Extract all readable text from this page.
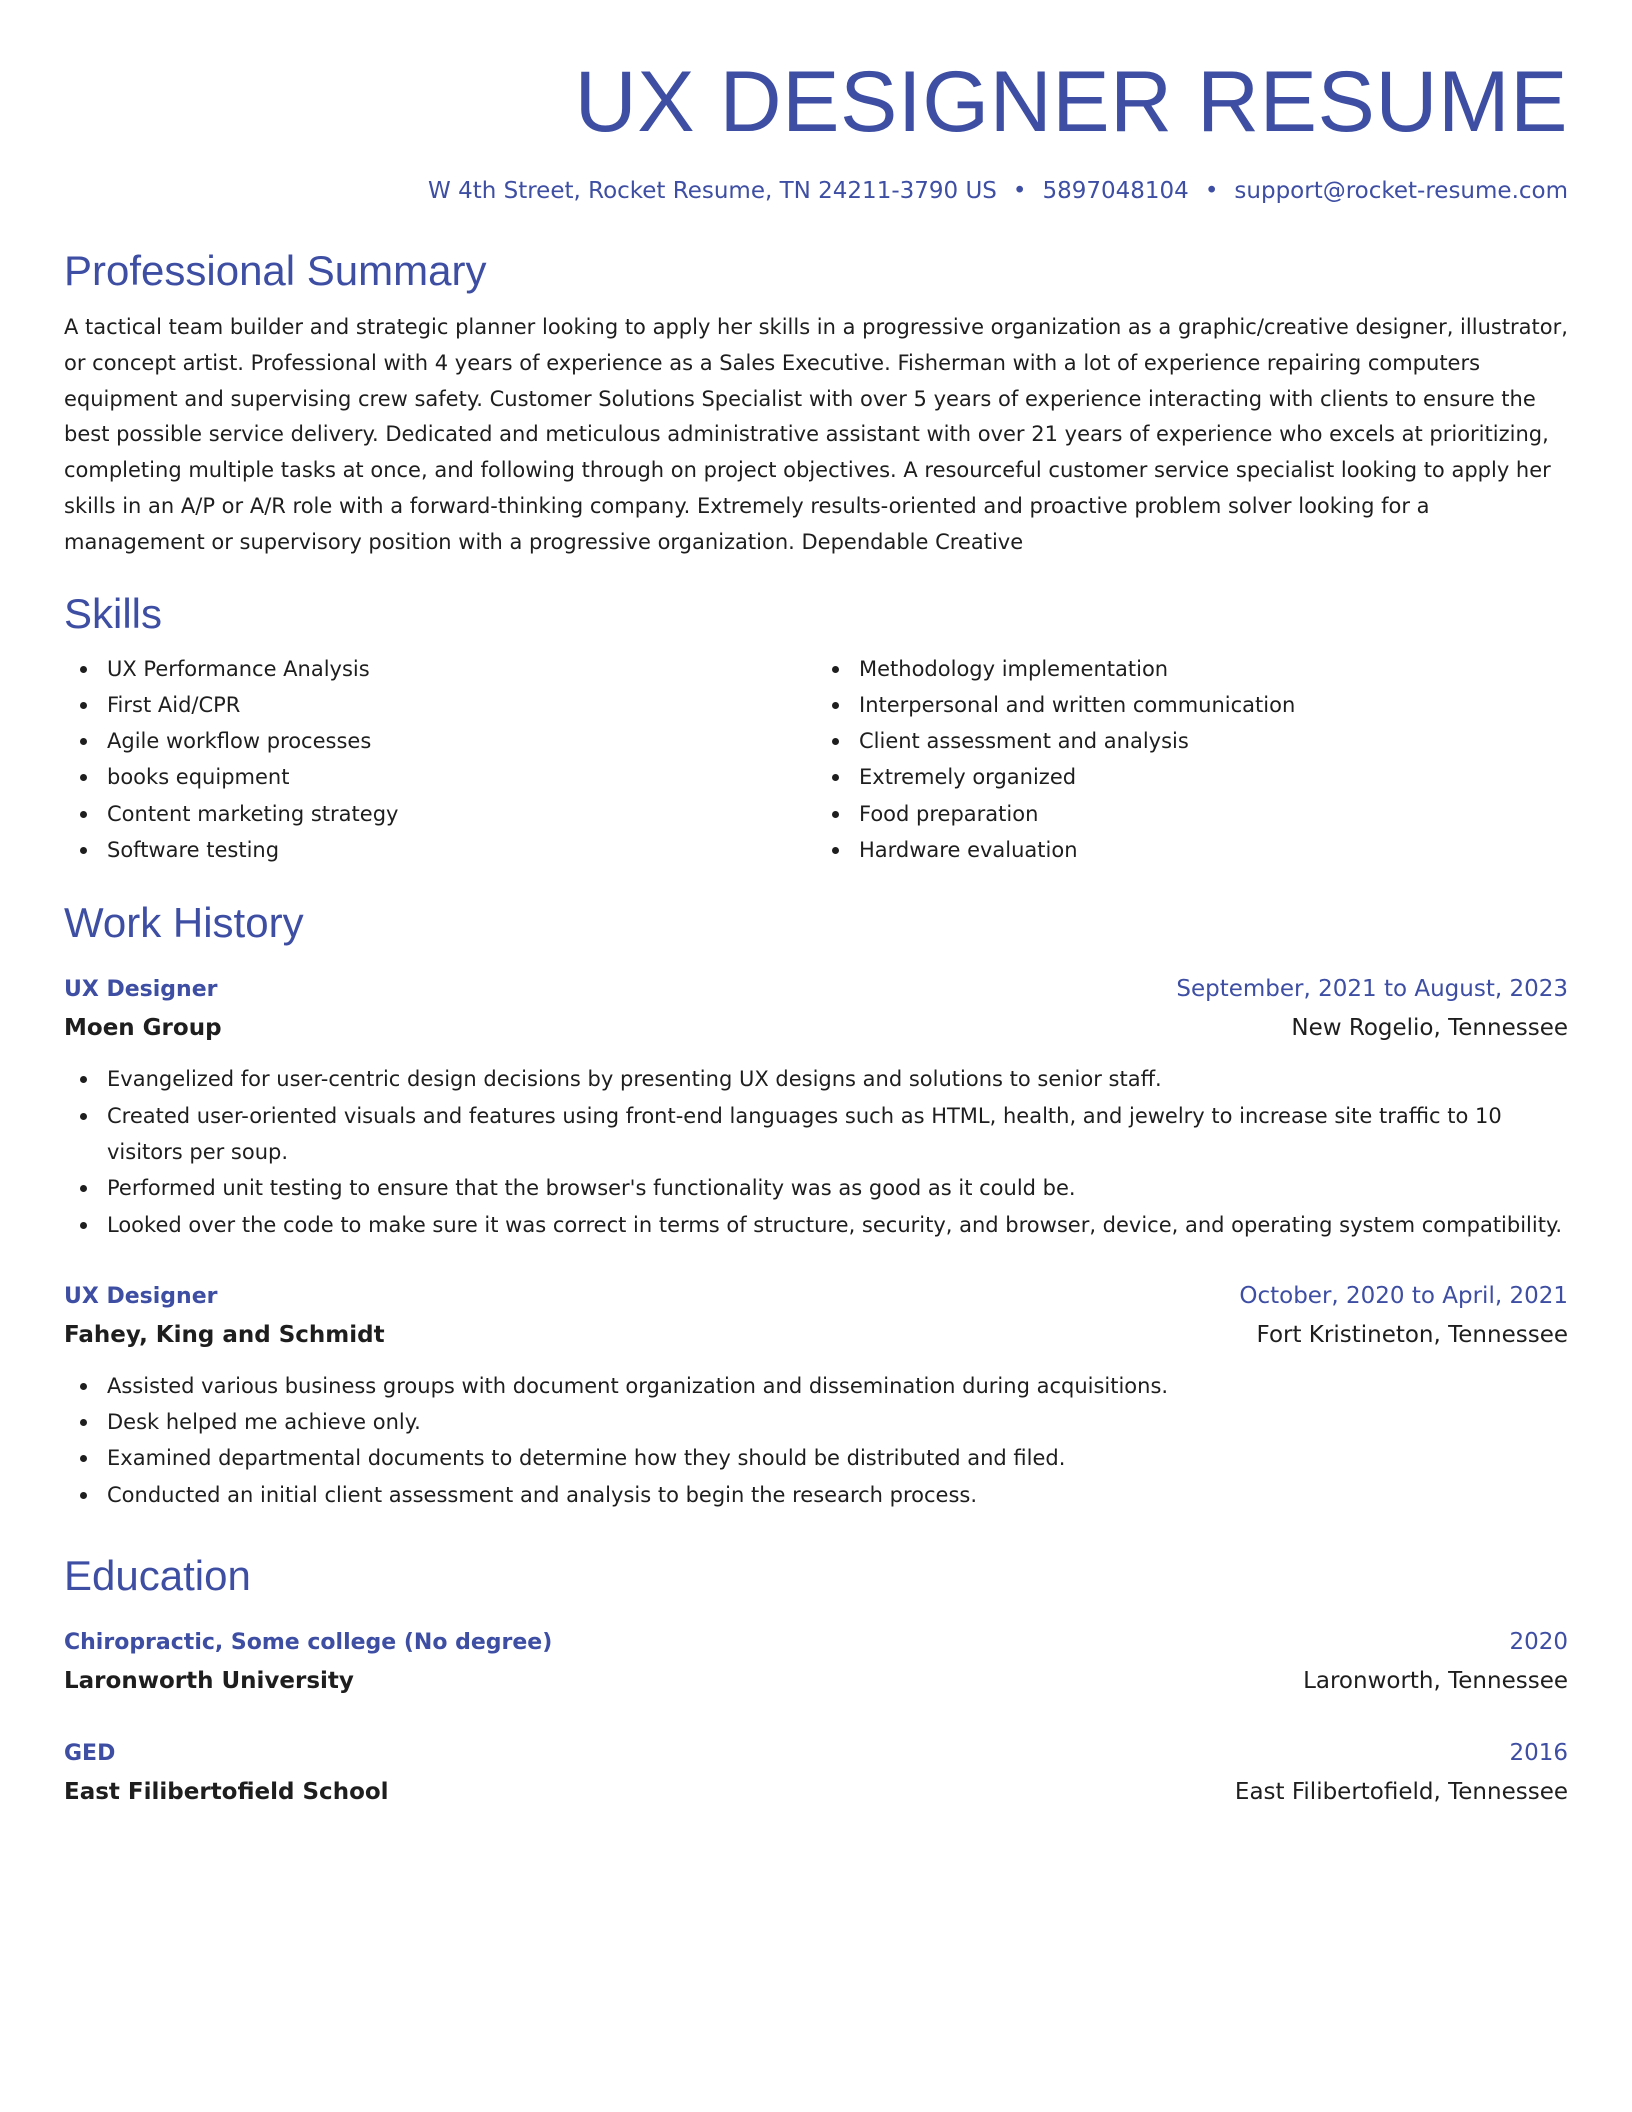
UX DESIGNER RESUME
W 4th Street, Rocket Resume, TN 24211-3790 US • 5897048104 • support@rocket-resume.com
Professional Summary

A tactical team builder and strategic planner looking to apply her skills in a progressive organization as a graphic/creative designer, illustrator, or concept artist. Professional with 4 years of experience as a Sales Executive. Fisherman with a lot of experience repairing computers equipment and supervising crew safety. Customer Solutions Specialist with over 5 years of experience interacting with clients to ensure the best possible service delivery. Dedicated and meticulous administrative assistant with over 21 years of experience who excels at prioritizing, completing multiple tasks at once, and following through on project objectives. A resourceful customer service specialist looking to apply her skills in an A/P or A/R role with a forward-thinking company. Extremely results-oriented and proactive problem solver looking for a management or supervisory position with a progressive organization. Dependable Creative

Skills
UX Performance Analysis
First Aid/CPR
Agile workflow processes
books equipment
Content marketing strategy
Software testing
Methodology implementation
Interpersonal and written communication
Client assessment and analysis
Extremely organized
Food preparation
Hardware evaluation
Work History
UX Designer	September, 2021 to August, 2023
Moen Group	New Rogelio, Tennessee
Evangelized for user-centric design decisions by presenting UX designs and solutions to senior staff.
Created user-oriented visuals and features using front-end languages such as HTML, health, and jewelry to increase site traffic to 10 visitors per soup.
Performed unit testing to ensure that the browser's functionality was as good as it could be.
Looked over the code to make sure it was correct in terms of structure, security, and browser, device, and operating system compatibility.
UX Designer	October, 2020 to April, 2021
Fahey, King and Schmidt	Fort Kristineton, Tennessee
Assisted various business groups with document organization and dissemination during acquisitions.
Desk helped me achieve only.
Examined departmental documents to determine how they should be distributed and filed.
Conducted an initial client assessment and analysis to begin the research process.
Education
Chiropractic, Some college (No degree)	2020
Laronworth University	Laronworth, Tennessee
GED	2016
East Filibertofield School	East Filibertofield, Tennessee
